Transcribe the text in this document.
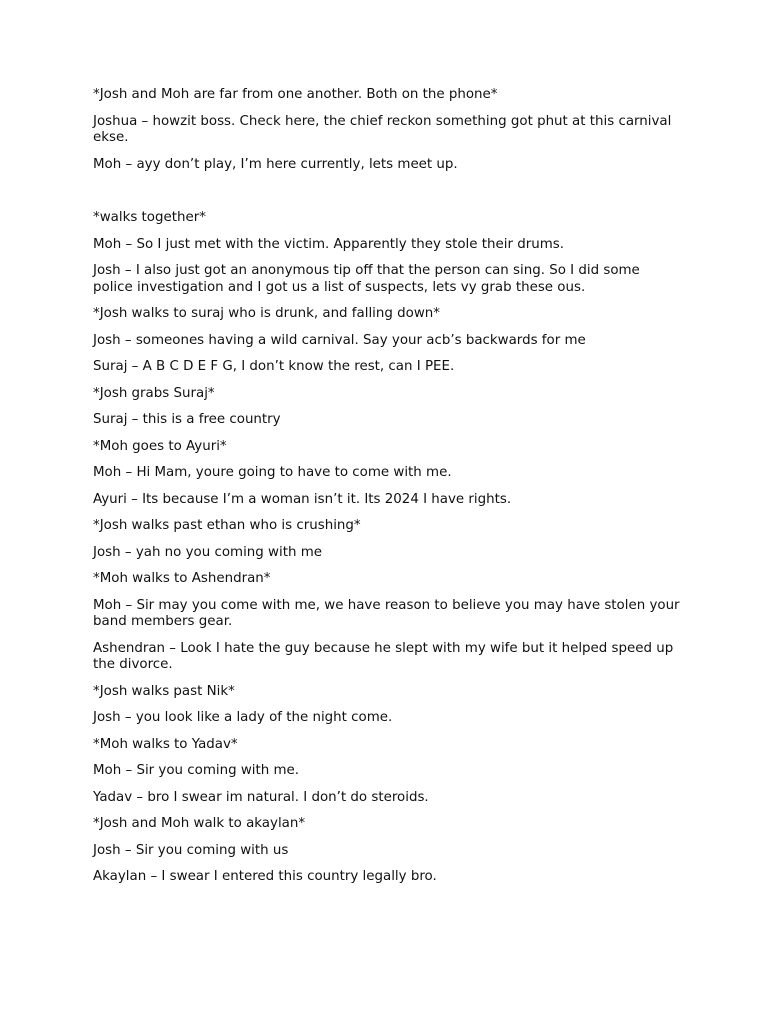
*Josh and Moh are far from one another. Both on the phone*

Joshua – howzit boss. Check here, the chief reckon something got phut at this carnival ekse.

Moh – ayy don’t play, I’m here currently, lets meet up.

*walks together*

Moh – So I just met with the victim. Apparently they stole their drums.

Josh – I also just got an anonymous tip off that the person can sing. So I did some police investigation and I got us a list of suspects, lets vy grab these ous.

*Josh walks to suraj who is drunk, and falling down*

Josh – someones having a wild carnival. Say your acb’s backwards for me

Suraj – A B C D E F G, I don’t know the rest, can I PEE.

*Josh grabs Suraj*

Suraj – this is a free country

*Moh goes to Ayuri*

Moh – Hi Mam, youre going to have to come with me.

Ayuri – Its because I’m a woman isn’t it. Its 2024 I have rights.

*Josh walks past ethan who is crushing*

Josh – yah no you coming with me

*Moh walks to Ashendran*

Moh – Sir may you come with me, we have reason to believe you may have stolen your band members gear.

Ashendran – Look I hate the guy because he slept with my wife but it helped speed up the divorce.

*Josh walks past Nik*

Josh – you look like a lady of the night come.

*Moh walks to Yadav*

Moh – Sir you coming with me.

Yadav – bro I swear im natural. I don’t do steroids.

*Josh and Moh walk to akaylan*

Josh – Sir you coming with us

Akaylan – I swear I entered this country legally bro.
